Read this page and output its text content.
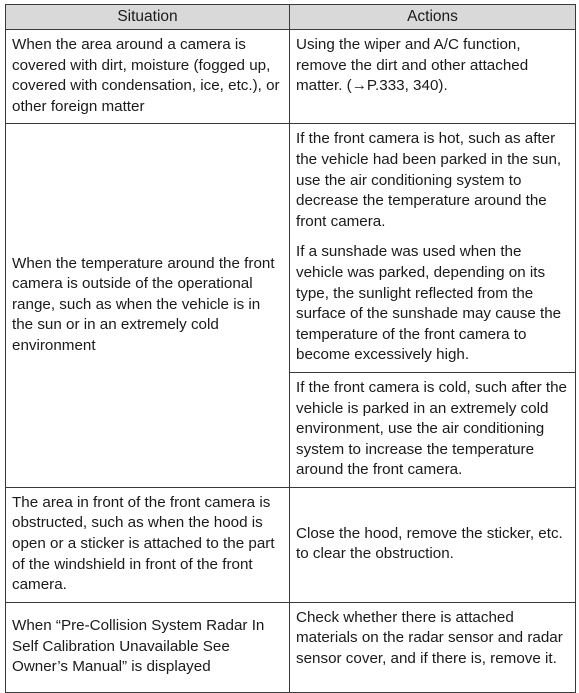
Situation	Actions
When the area around a camera is covered with dirt, moisture (fogged up, covered with condensation, ice, etc.), or other foreign matter	Using the wiper and A/C function, remove the dirt and other attached matter. (→P.333, 340).

When the temperature around the front camera is outside of the operational range, such as when the vehicle is in the sun or in an extremely cold environment	If the front camera is hot, such as after the vehicle had been parked in the sun, use the air conditioning system to decrease the temperature around the front camera.
If a sunshade was used when the vehicle was parked, depending on its type, the sunlight reflected from the surface of the sunshade may cause the temperature of the front camera to become excessively high.

	If the front camera is cold, such after the vehicle is parked in an extremely cold environment, use the air conditioning system to increase the temperature around the front camera.

The area in front of the front camera is obstructed, such as when the hood is open or a sticker is attached to the part of the windshield in front of the front camera.	Close the hood, remove the sticker, etc. to clear the obstruction.

When “Pre-Collision System Radar In Self Calibration Unavailable See Owner’s Manual” is displayed	Check whether there is attached materials on the radar sensor and radar sensor cover, and if there is, remove it.
